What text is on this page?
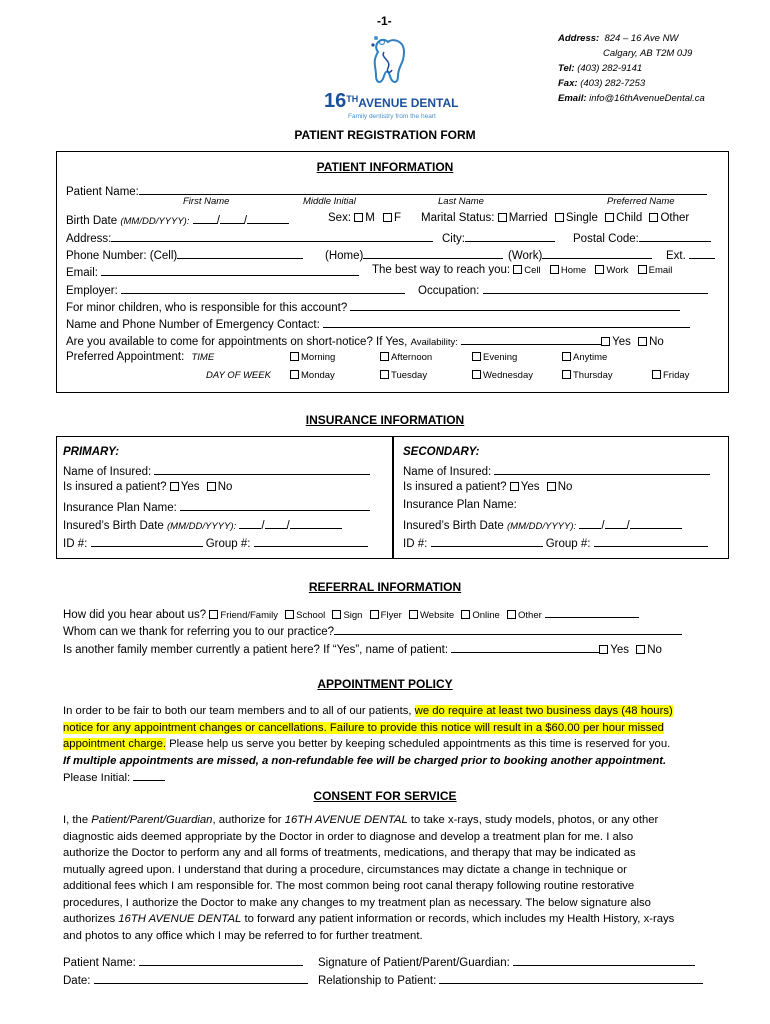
-1-
16THAVENUE DENTAL
Family dentistry from the heart
Address: 824 – 16 Ave NW
Calgary, AB T2M 0J9
Tel: (403) 282-9141
Fax: (403) 282-7253
Email: info@16thAvenueDental.ca
PATIENT REGISTRATION FORM
PATIENT INFORMATION
Patient Name:
First Name	Middle Initial	Last Name	Preferred Name
Birth Date (MM/DD/YYYY): / /	Sex: M F Marital Status: Married Single Child Other
Address:	City:	Postal Code:
Phone Number: (Cell)	(Home)	(Work)	Ext.
Email:	The best way to reach you: Cell Home Work Email
Employer:	Occupation:
For minor children, who is responsible for this account?
Name and Phone Number of Emergency Contact:
Are you available to come for appointments on short-notice? If Yes, Availability:	Yes No
Preferred Appointment: TIME	Morning	Afternoon	Evening	Anytime
DAY OF WEEK	Monday	Tuesday	Wednesday	Thursday	Friday
INSURANCE INFORMATION
PRIMARY:
Name of Insured:
Is insured a patient? Yes No
Insurance Plan Name:
Insured’s Birth Date (MM/DD/YYYY): / /
ID #:	Group #:
SECONDARY:
Name of Insured:
Is insured a patient? Yes No
Insurance Plan Name:
Insured’s Birth Date (MM/DD/YYYY): / /
ID #:	Group #:
REFERRAL INFORMATION
How did you hear about us? Friend/Family School Sign Flyer Website Online Other
Whom can we thank for referring you to our practice?
Is another family member currently a patient here? If “Yes”, name of patient:	Yes No
APPOINTMENT POLICY
In order to be fair to both our team members and to all of our patients, we do require at least two business days (48 hours)
notice for any appointment changes or cancellations. Failure to provide this notice will result in a $60.00 per hour missed
appointment charge. Please help us serve you better by keeping scheduled appointments as this time is reserved for you.
If multiple appointments are missed, a non-refundable fee will be charged prior to booking another appointment.
Please Initial:
CONSENT FOR SERVICE
I, the Patient/Parent/Guardian, authorize for 16TH AVENUE DENTAL to take x-rays, study models, photos, or any other
diagnostic aids deemed appropriate by the Doctor in order to diagnose and develop a treatment plan for me. I also
authorize the Doctor to perform any and all forms of treatments, medications, and therapy that may be indicated as
mutually agreed upon. I understand that during a procedure, circumstances may dictate a change in technique or
additional fees which I am responsible for. The most common being root canal therapy following routine restorative
procedures, I authorize the Doctor to make any changes to my treatment plan as necessary. The below signature also
authorizes 16TH AVENUE DENTAL to forward any patient information or records, which includes my Health History, x-rays
and photos to any office which I may be referred to for further treatment.
Patient Name:	Signature of Patient/Parent/Guardian:
Date:	Relationship to Patient:
